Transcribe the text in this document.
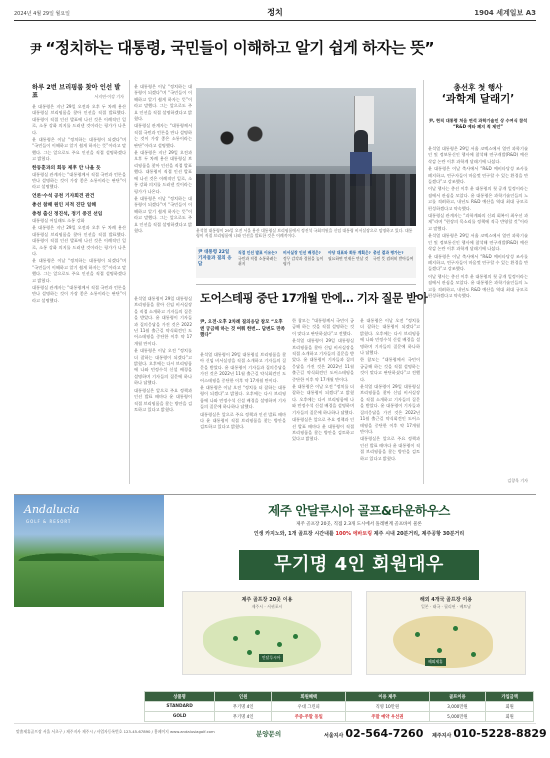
2024년 4월 29일 월요일	정치	1904 세계일보 A3
尹 “정치하는 대통령, 국민들이 이해하고 알기 쉽게 하자는 뜻”
하루 2번 브리핑룸 찾아 인선 발표	서지연·이강 기자

윤 대통령은 지난 29일 오전과 오후 두 차례 용산 대통령실 브리핑룸을 찾아 인선을 직접 발표했다. 대통령이 직접 인선 발표에 나선 것은 이례적인 일로, 소통 강화 의지를 드러낸 것이라는 평가가 나온다.

윤 대통령은 이날 “정치하는 대통령이 되겠다”며 “국민들이 이해하고 알기 쉽게 하자는 뜻”이라고 말했다. 그는 앞으로도 주요 인선을 직접 설명하겠다고 밝혔다.

한동훈과의 회동 제후 안 나올 듯

대통령실 관계자는 “대통령께서 직접 국민과 언론을 만나 설명하는 것이 가장 좋은 소통이라는 판단”이라고 설명했다.

언론·수석 공천 기자회견 관건
총선 참패 원인 지적 진단 일해
충청 출신 정진석, 정기 중진 선임

대통령실 어딜래도 소통 강화

윤 대통령은 지난 29일 오전과 오후 두 차례 용산 대통령실 브리핑룸을 찾아 인선을 직접 발표했다. 대통령이 직접 인선 발표에 나선 것은 이례적인 일로, 소통 강화 의지를 드러낸 것이라는 평가가 나온다.

윤 대통령은 이날 “정치하는 대통령이 되겠다”며 “국민들이 이해하고 알기 쉽게 하자는 뜻”이라고 말했다. 그는 앞으로도 주요 인선을 직접 설명하겠다고 밝혔다.

대통령실 관계자는 “대통령께서 직접 국민과 언론을 만나 설명하는 것이 가장 좋은 소통이라는 판단”이라고 설명했다.

윤 대통령은 이날 “정치하는 대통령이 되겠다”며 “국민들이 이해하고 알기 쉽게 하자는 뜻”이라고 말했다. 그는 앞으로도 주요 인선을 직접 설명하겠다고 밝혔다.

대통령실 관계자는 “대통령께서 직접 국민과 언론을 만나 설명하는 것이 가장 좋은 소통이라는 판단”이라고 설명했다.

윤 대통령은 지난 29일 오전과 오후 두 차례 용산 대통령실 브리핑룸을 찾아 인선을 직접 발표했다. 대통령이 직접 인선 발표에 나선 것은 이례적인 일로, 소통 강화 의지를 드러낸 것이라는 평가가 나온다.

윤 대통령은 이날 “정치하는 대통령이 되겠다”며 “국민들이 이해하고 알기 쉽게 하자는 뜻”이라고 말했다. 그는 앞으로도 주요 인선을 직접 설명하겠다고 밝혔다.	윤석열 대통령이 29일 오전 서울 용산 대통령실 브리핑룸에서 정진석 국회의원을 신임 대통령 비서실장으로 임명하고 있다. 대통령이 직접 브리핑룸에 나와 인선을 발표한 것은 이례적이다.
尹 대통령 22일 기자들과 질의 응답
직접 인선 발표 이유는?
국민과 직접 소통하려는 취지
비서실장 인선 배경은?
정무 감각과 경험을 높이 평가
야당 대표와 회동 계획은?
필요하면 언제든 만날 것
총선 결과 평가는?
국민 뜻 겸허히 받아들여
도어스테핑 중단 17개월 만에… 기자 질문 받아
尹, 오전·오후 2차례 질의응답 참모 “오후엔 궁금해 하는 것 여쭤 한번… 답변도 만족했다”

윤석열 대통령이 29일 대통령실 브리핑룸을 찾아 신임 비서실장을 직접 소개하고 기자들의 질문을 받았다. 윤 대통령이 기자들과 질의응답을 가진 것은 2022년 11월 출근길 약식회견인 도어스테핑을 중단한 이후 약 17개월 만이다.

윤 대통령은 이날 오전 “정치를 더 잘하는 대통령이 되겠다”고 밝혔다. 오후에는 다시 브리핑룸에 나와 민정수석 신설 배경을 설명하며 기자들의 질문에 하나하나 답했다.

대통령실은 앞으로 주요 정책과 인선 발표 때마다 윤 대통령이 직접 브리핑룸을 찾는 방안을 검토하고 있다고 밝혔다.

윤석열 대통령이 29일 대통령실 브리핑룸을 찾아 신임 비서실장을 직접 소개하고 기자들의 질문을 받았다. 윤 대통령이 기자들과 질의응답을 가진 것은 2022년 11월 출근길 약식회견인 도어스테핑을 중단한 이후 약 17개월 만이다.

윤 대통령은 이날 오전 “정치를 더 잘하는 대통령이 되겠다”고 밝혔다. 오후에는 다시 브리핑룸에 나와 민정수석 신설 배경을 설명하며 기자들의 질문에 하나하나 답했다.

대통령실은 앞으로 주요 정책과 인선 발표 때마다 윤 대통령이 직접 브리핑룸을 찾는 방안을 검토하고 있다고 밝혔다.

한 참모는 “대통령께서 국민이 궁금해 하는 것을 직접 설명하는 것이 맞다고 판단하셨다”고 전했다.

윤석열 대통령이 29일 대통령실 브리핑룸을 찾아 신임 비서실장을 직접 소개하고 기자들의 질문을 받았다. 윤 대통령이 기자들과 질의응답을 가진 것은 2022년 11월 출근길 약식회견인 도어스테핑을 중단한 이후 약 17개월 만이다.

윤 대통령은 이날 오전 “정치를 더 잘하는 대통령이 되겠다”고 밝혔다. 오후에는 다시 브리핑룸에 나와 민정수석 신설 배경을 설명하며 기자들의 질문에 하나하나 답했다.

대통령실은 앞으로 주요 정책과 인선 발표 때마다 윤 대통령이 직접 브리핑룸을 찾는 방안을 검토하고 있다고 밝혔다.

윤 대통령은 이날 오전 “정치를 더 잘하는 대통령이 되겠다”고 밝혔다. 오후에는 다시 브리핑룸에 나와 민정수석 신설 배경을 설명하며 기자들의 질문에 하나하나 답했다.

한 참모는 “대통령께서 국민이 궁금해 하는 것을 직접 설명하는 것이 맞다고 판단하셨다”고 전했다.

윤석열 대통령이 29일 대통령실 브리핑룸을 찾아 신임 비서실장을 직접 소개하고 기자들의 질문을 받았다. 윤 대통령이 기자들과 질의응답을 가진 것은 2022년 11월 출근길 약식회견인 도어스테핑을 중단한 이후 약 17개월 만이다.

대통령실은 앞으로 주요 정책과 인선 발표 때마다 윤 대통령이 직접 브리핑룸을 찾는 방안을 검토하고 있다고 밝혔다.

총선후 첫 행사
‘과학계 달래기’
尹, 현직 대통령 처음 연석 과학기술인 상 수여식 참석 “R&D 예타 폐지 적 제언”

윤석열 대통령은 29일 서울 코엑스에서 열린 과학기술인 및 정보통신인 행사에 참석해 연구개발(R&D) 예산 삭감 논란 이후 과학계 달래기에 나섰다.

윤 대통령은 이날 축사에서 “R&D 예비타당성 조사를 폐지하고, 연구자들이 마음껏 연구할 수 있는 환경을 만들겠다”고 강조했다.

이날 행사는 총선 이후 윤 대통령의 첫 공개 일정이라는 점에서 관심을 모았다. 윤 대통령은 과학기술인들의 노고를 격려하고, 내년도 R&D 예산을 역대 최대 규모로 편성하겠다고 약속했다.

대통령실 관계자는 “과학계와의 신뢰 회복이 최우선 과제”라며 “현장의 목소리를 정책에 적극 반영할 것”이라고 말했다.

윤석열 대통령은 29일 서울 코엑스에서 열린 과학기술인 및 정보통신인 행사에 참석해 연구개발(R&D) 예산 삭감 논란 이후 과학계 달래기에 나섰다.

윤 대통령은 이날 축사에서 “R&D 예비타당성 조사를 폐지하고, 연구자들이 마음껏 연구할 수 있는 환경을 만들겠다”고 강조했다.

이날 행사는 총선 이후 윤 대통령의 첫 공개 일정이라는 점에서 관심을 모았다. 윤 대통령은 과학기술인들의 노고를 격려하고, 내년도 R&D 예산을 역대 최대 규모로 편성하겠다고 약속했다.

김창욱 기자
Andalucia
GOLF & RESORT
제주 안달루시아 골프&타운하우스
제주 골프장 20곳, 직접 2.3개 도시에서 돌레변계 골프바이 물론
인생 카지노와, 1개 골프장 시간내를 100% 에바토링 제주 시내 20분거리, 제주공항 30분거리
무기명 4인 회원대우
제주 골프장 20곳 이용
제주시 · 서귀포시
안달루시아
해외 4개국 골프장 이용
일본 · 태국 · 필리핀 · 베트남
해외제휴
상품명	인원	회원혜택	이용 제주	골프이용	가입금액
STANDARD	무기명 4인	우대 그린피	직영 10만원	3,000만원	회원
GOLD	무기명 4인	주중·주말 동일	주말 예약 우선권	5,000만원	회원
맞춤제휴골프장 서울 서초구 / 제주지사 제주시 / 사업자등록번호 123-45-67890 / 홈페이지 www.andalusiagolf.com	분양문의	서울지사 02-564-7260 제주지사 010-5228-8829
